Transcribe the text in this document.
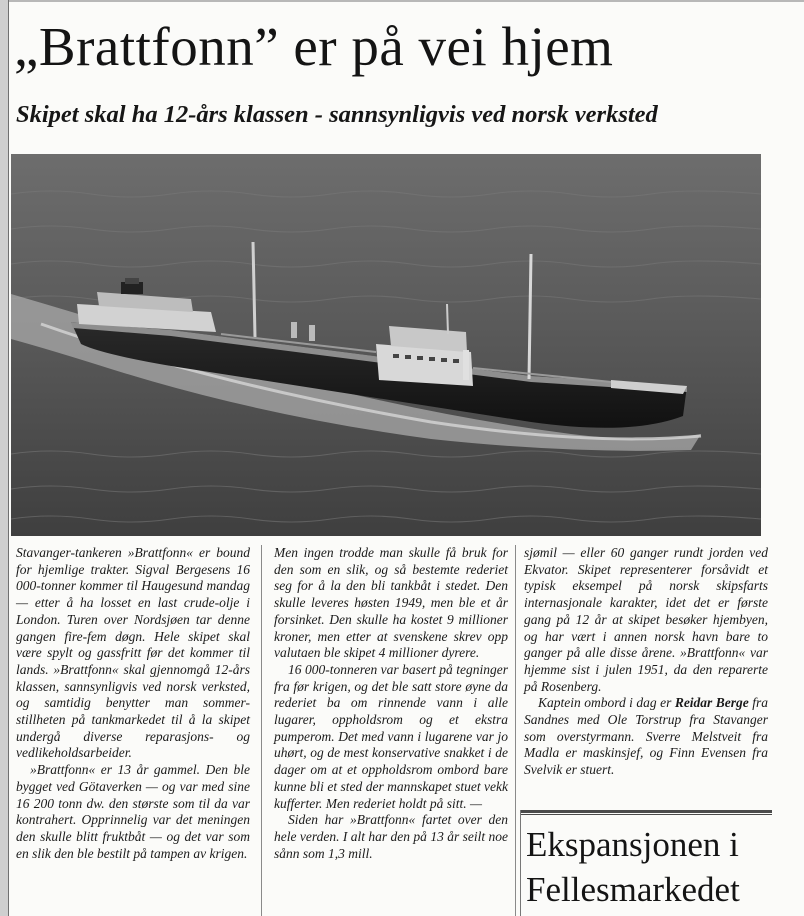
„Brattfonn” er på vei hjem
Skipet skal ha 12-års klassen - sannsynligvis ved norsk verksted

Stavanger-tankeren »Brattfonn« er bound for hjemlige trakter. Sigval Bergesens 16 000-tonner kommer til Haugesund mandag — etter å ha losset en last crude-olje i London. Turen over Nordsjøen tar denne gangen fire-fem døgn. Hele skipet skal være spylt og gassfritt før det kommer til lands. »Brattfonn« skal gjennomgå 12-års klassen, sannsynligvis ved norsk verksted, og samtidig benytter man sommer-stillheten på tankmarkedet til å la skipet undergå diverse reparasjons- og vedlikeholdsarbeider.

»Brattfonn« er 13 år gammel. Den ble bygget ved Götaverken — og var med sine 16 200 tonn dw. den største som til da var kontrahert. Opprinnelig var det meningen den skulle blitt fruktbåt — og det var som en slik den ble bestilt på tampen av krigen.

Men ingen trodde man skulle få bruk for den som en slik, og så bestemte rederiet seg for å la den bli tankbåt i stedet. Den skulle leveres høsten 1949, men ble et år forsinket. Den skulle ha kostet 9 millioner kroner, men etter at svenskene skrev opp valutaen ble skipet 4 millioner dyrere.

16 000-tonneren var basert på tegninger fra før krigen, og det ble satt store øyne da rederiet ba om rinnende vann i alle lugarer, oppholdsrom og et ekstra pumperom. Det med vann i lugarene var jo uhørt, og de mest konservative snakket i de dager om at et oppholdsrom ombord bare kunne bli et sted der mannskapet stuet vekk kufferter. Men rederiet holdt på sitt. —

Siden har »Brattfonn« fartet over den hele verden. I alt har den på 13 år seilt noe sånn som 1,3 mill.

sjømil — eller 60 ganger rundt jorden ved Ekvator. Skipet representerer forsåvidt et typisk eksempel på norsk skipsfarts internasjonale karakter, idet det er første gang på 12 år at skipet besøker hjembyen, og har vært i annen norsk havn bare to ganger på alle disse årene. »Brattfonn« var hjemme sist i julen 1951, da den reparerte på Rosenberg.

Kaptein ombord i dag er Reidar Berge fra Sandnes med Ole Torstrup fra Stavanger som overstyrmann. Sverre Melstveit fra Madla er maskinsjef, og Finn Evensen fra Svelvik er stuert.

Ekspansjonen i
Fellesmarkedet
